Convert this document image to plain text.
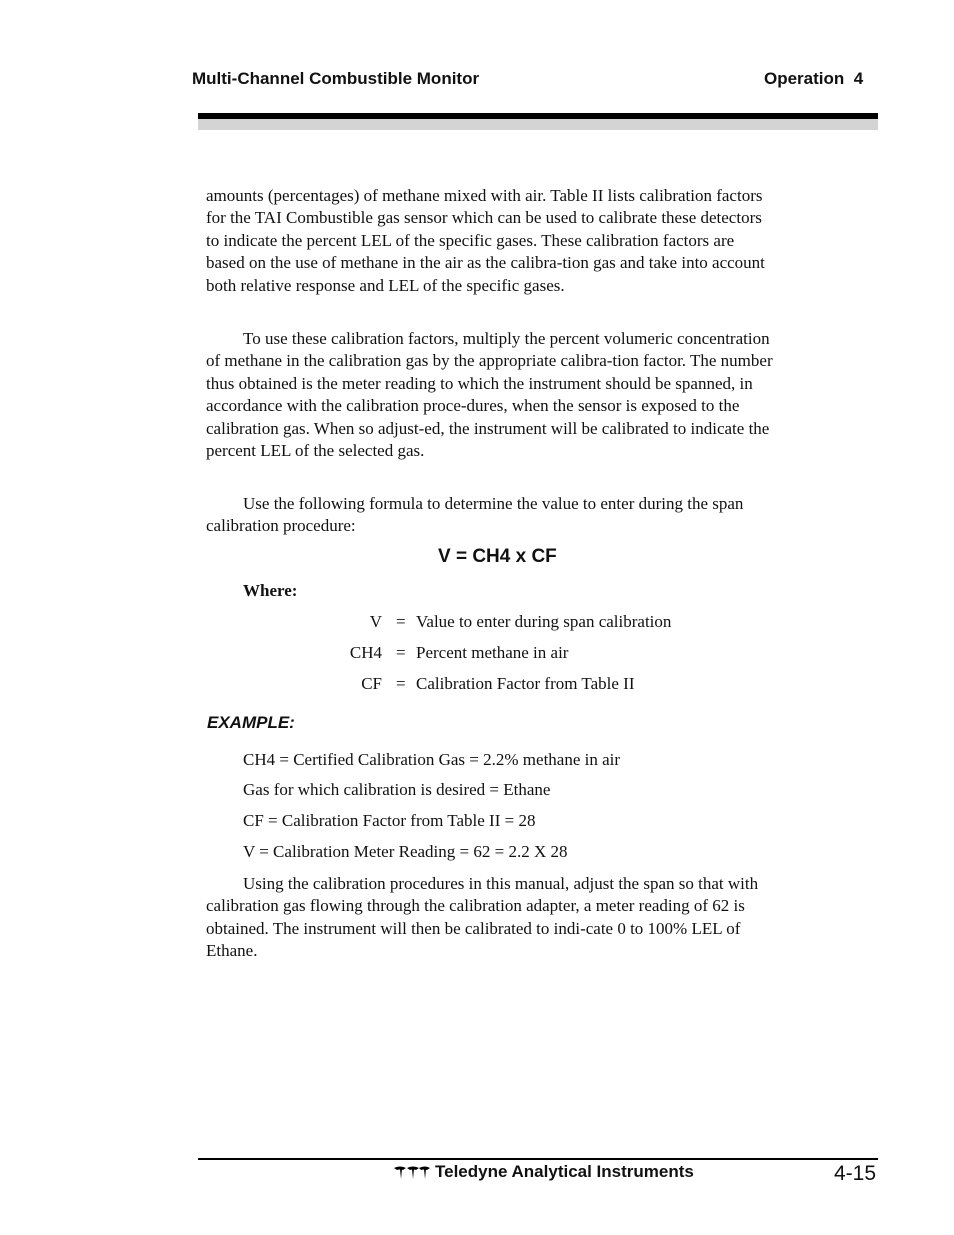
Multi-Channel Combustible Monitor	Operation  4

amounts (percentages) of methane mixed with air. Table II lists calibration factors for the TAI Combustible gas sensor which can be used to calibrate these detectors to indicate the percent LEL of the specific gases. These calibration factors are based on the use of methane in the air as the calibra-tion gas and take into account both relative response and LEL of the specific gases.

To use these calibration factors, multiply the percent volumeric concentration of methane in the calibration gas by the appropriate calibra-tion factor. The number thus obtained is the meter reading to which the instrument should be spanned, in accordance with the calibration proce-dures, when the sensor is exposed to the calibration gas. When so adjust-ed, the instrument will be calibrated to indicate the percent LEL of the selected gas.

Use the following formula to determine the value to enter during the span calibration procedure:

V = CH4 x CF
Where:
V = Value to enter during span calibration
CH4 = Percent methane in air
CF = Calibration Factor from Table II
EXAMPLE:
CH4 = Certified Calibration Gas = 2.2% methane in air
Gas for which calibration is desired = Ethane
CF = Calibration Factor from Table II = 28
V = Calibration Meter Reading = 62 = 2.2 X 28

Using the calibration procedures in this manual, adjust the span so that with calibration gas flowing through the calibration adapter, a meter reading of 62 is obtained. The instrument will then be calibrated to indi-cate 0 to 100% LEL of Ethane.

Teledyne Analytical Instruments	4-15
